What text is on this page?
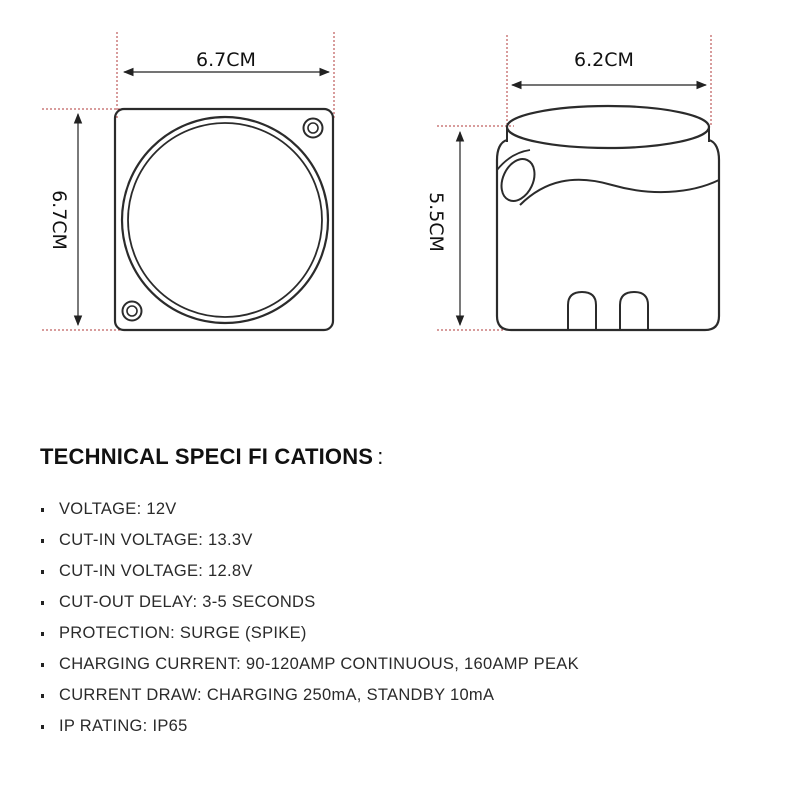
6.7CM
6.7CM
6.2CM
5.5CM
TECHNICAL SPECI FI CATIONS :
VOLTAGE: 12V
CUT-IN VOLTAGE: 13.3V
CUT-IN VOLTAGE: 12.8V
CUT-OUT DELAY: 3-5 SECONDS
PROTECTION: SURGE (SPIKE)
CHARGING CURRENT: 90-120AMP CONTINUOUS, 160AMP PEAK
CURRENT DRAW: CHARGING 250mA, STANDBY 10mA
IP RATING: IP65
